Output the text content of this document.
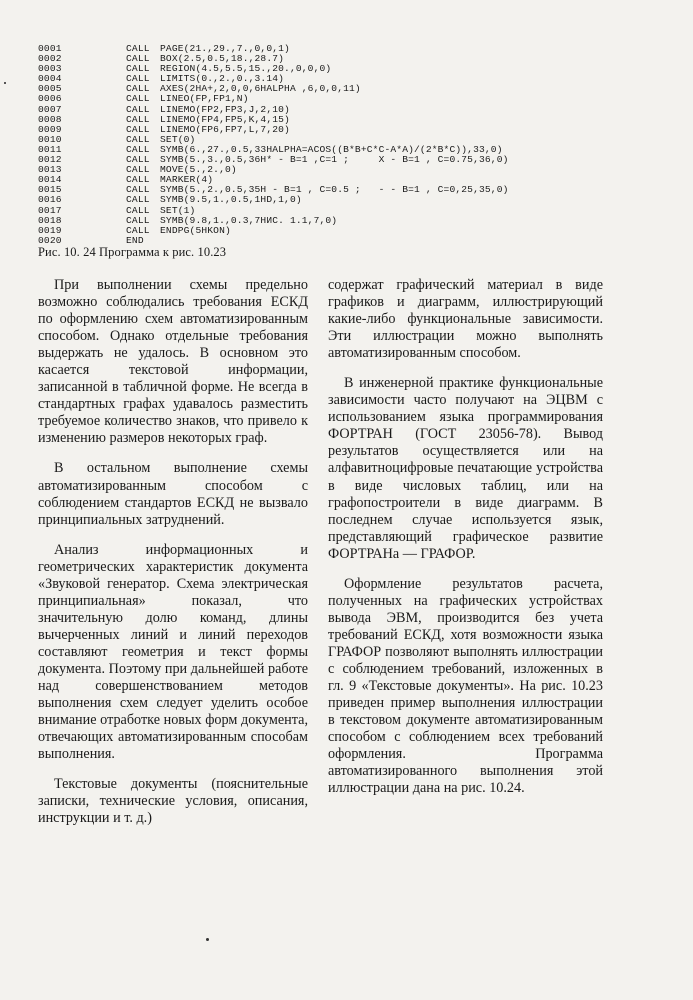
0001	CALL PAGE(21.,29.,7.,0,0,1)
0002	CALL BOX(2.5,0.5,18.,28.7)
0003	CALL REGION(4.5,5.5,15.,20.,0,0,0)
0004	CALL LIMITS(0.,2.,0.,3.14)
0005	CALL AXES(2HA+,2,0,0,6HALPHA ,6,0,0,11)
0006	CALL LINEO(FP,FP1,N)
0007	CALL LINEMO(FP2,FP3,J,2,10)
0008	CALL LINEMO(FP4,FP5,K,4,15)
0009	CALL LINEMO(FP6,FP7,L,7,20)
0010	CALL SET(0)
0011	CALL SYMB(6.,27.,0.5,33HALPHA=ACOS((B*B+C*C-A*A)/(2*B*C)),33,0)
0012	CALL SYMB(5.,3.,0.5,36H* - B=1 ,C=1 ;     X - B=1 , C=0.75,36,0)
0013	CALL MOVE(5.,2.,0)
0014	CALL MARKER(4)
0015	CALL SYMB(5.,2.,0.5,35H - B=1 , C=0.5 ;   - - B=1 , C=0,25,35,0)
0016	CALL SYMB(9.5,1.,0.5,1HD,1,0)
0017	CALL SET(1)
0018	CALL SYMB(9.8,1.,0.3,7HИС. 1.1,7,0)
0019	CALL ENDPG(5HKON)
0020	END
Рис. 10. 24 Программа к рис. 10.23

При выполнении схемы предельно возможно соблюдались требования ЕСКД по оформлению схем автоматизированным способом. Однако отдельные требования выдержать не удалось. В основном это касается текстовой информации, записанной в табличной форме. Не всегда в стандартных графах удавалось разместить требуемое количество знаков, что привело к изменению размеров некоторых граф.

В остальном выполнение схемы автоматизированным способом с соблюдением стандартов ЕСКД не вызвало принципиальных затруднений.

Анализ информационных и геометрических характеристик документа «Звуковой генератор. Схема электрическая принципиальная» показал, что значительную долю команд, длины вычерченных линий и линий переходов составляют геометрия и текст формы документа. Поэтому при дальнейшей работе над совершенствованием методов выполнения схем следует уделить особое внимание отработке новых форм документа, отвечающих автоматизированным способам выполнения.

Текстовые документы (пояснительные записки, технические условия, описания, инструкции и т. д.)

содержат графический материал в виде графиков и диаграмм, иллюстрирующий какие-либо функциональные зависимости. Эти иллюстрации можно выполнять автоматизированным способом.

В инженерной практике функциональные зависимости часто получают на ЭЦВМ с использованием языка программирования ФОРТРАН (ГОСТ 23056-78). Вывод результатов осуществляется или на алфавитноцифровые печатающие устройства в виде числовых таблиц, или на графопостроители в виде диаграмм. В последнем случае используется язык, представляющий графическое развитие ФОРТРАНа — ГРАФОР.

Оформление результатов расчета, полученных на графических устройствах вывода ЭВМ, производится без учета требований ЕСКД, хотя возможности языка ГРАФОР позволяют выполнять иллюстрации с соблюдением требований, изложенных в гл. 9 «Текстовые документы». На рис. 10.23 приведен пример выполнения иллюстрации в текстовом документе автоматизированным способом с соблюдением всех требований оформления. Программа автоматизированного выполнения этой иллюстрации дана на рис. 10.24.
